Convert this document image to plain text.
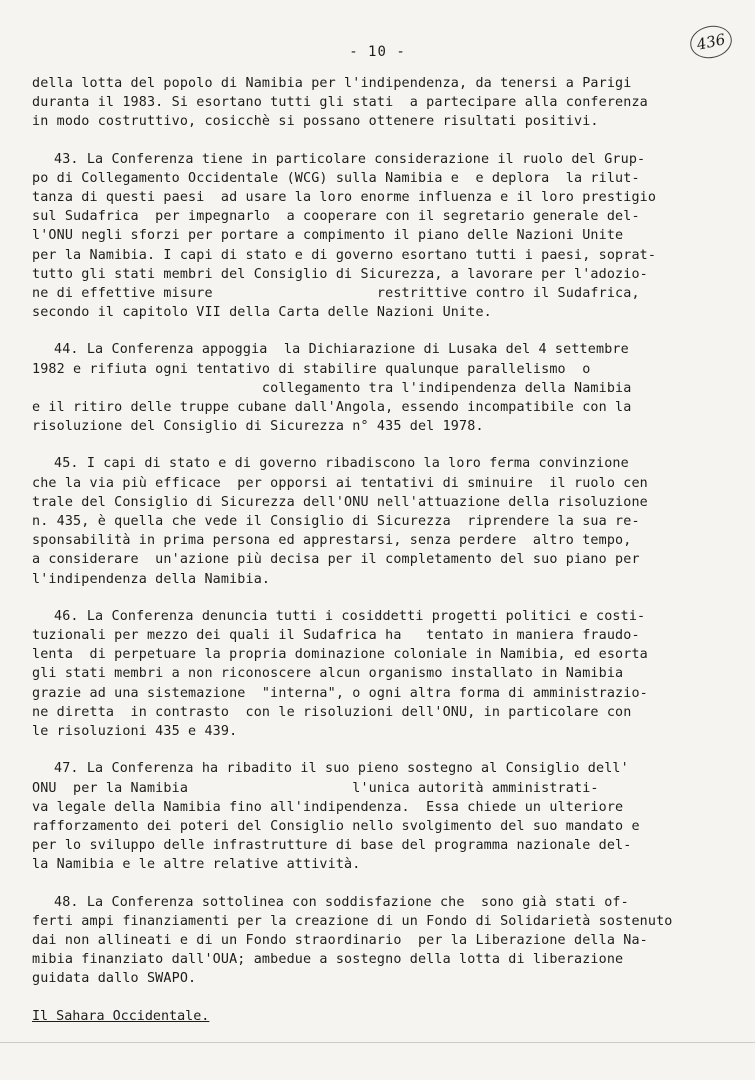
- 10 -	436
della lotta del popolo di Namibia per l'indipendenza, da tenersi a Parigi
duranta il 1983. Si esortano tutti gli stati  a partecipare alla conferenza
in modo costruttivo, cosicchè si possano ottenere risultati positivi.
43. La Conferenza tiene in particolare considerazione il ruolo del Grup-
po di Collegamento Occidentale (WCG) sulla Namibia e  e deplora  la rilut-
tanza di questi paesi  ad usare la loro enorme influenza e il loro prestigio
sul Sudafrica  per impegnarlo  a cooperare con il segretario generale del-
l'ONU negli sforzi per portare a compimento il piano delle Nazioni Unite
per la Namibia. I capi di stato e di governo esortano tutti i paesi, soprat-
tutto gli stati membri del Consiglio di Sicurezza, a lavorare per l'adozio-
ne di effettive misure                    restrittive contro il Sudafrica,
secondo il capitolo VII della Carta delle Nazioni Unite.
44. La Conferenza appoggia  la Dichiarazione di Lusaka del 4 settembre
1982 e rifiuta ogni tentativo di stabilire qualunque parallelismo  o
collegamento tra l'indipendenza della Namibia
e il ritiro delle truppe cubane dall'Angola, essendo incompatibile con la
risoluzione del Consiglio di Sicurezza n° 435 del 1978.
45. I capi di stato e di governo ribadiscono la loro ferma convinzione
che la via più efficace  per opporsi ai tentativi di sminuire  il ruolo cen
trale del Consiglio di Sicurezza dell'ONU nell'attuazione della risoluzione
n. 435, è quella che vede il Consiglio di Sicurezza  riprendere la sua re-
sponsabilità in prima persona ed apprestarsi, senza perdere  altro tempo,
a considerare  un'azione più decisa per il completamento del suo piano per
l'indipendenza della Namibia.
46. La Conferenza denuncia tutti i cosiddetti progetti politici e costi-
tuzionali per mezzo dei quali il Sudafrica ha   tentato in maniera fraudo-
lenta  di perpetuare la propria dominazione coloniale in Namibia, ed esorta
gli stati membri a non riconoscere alcun organismo installato in Namibia
grazie ad una sistemazione  "interna", o ogni altra forma di amministrazio-
ne diretta  in contrasto  con le risoluzioni dell'ONU, in particolare con
le risoluzioni 435 e 439.
47. La Conferenza ha ribadito il suo pieno sostegno al Consiglio dell'
ONU  per la Namibia                    l'unica autorità amministrati-
va legale della Namibia fino all'indipendenza.  Essa chiede un ulteriore
rafforzamento dei poteri del Consiglio nello svolgimento del suo mandato e
per lo sviluppo delle infrastrutture di base del programma nazionale del-
la Namibia e le altre relative attività.
48. La Conferenza sottolinea con soddisfazione che  sono già stati of-
ferti ampi finanziamenti per la creazione di un Fondo di Solidarietà sostenuto
dai non allineati e di un Fondo straordinario  per la Liberazione della Na-
mibia finanziato dall'OUA; ambedue a sostegno della lotta di liberazione
guidata dallo SWAPO.
Il Sahara Occidentale.
